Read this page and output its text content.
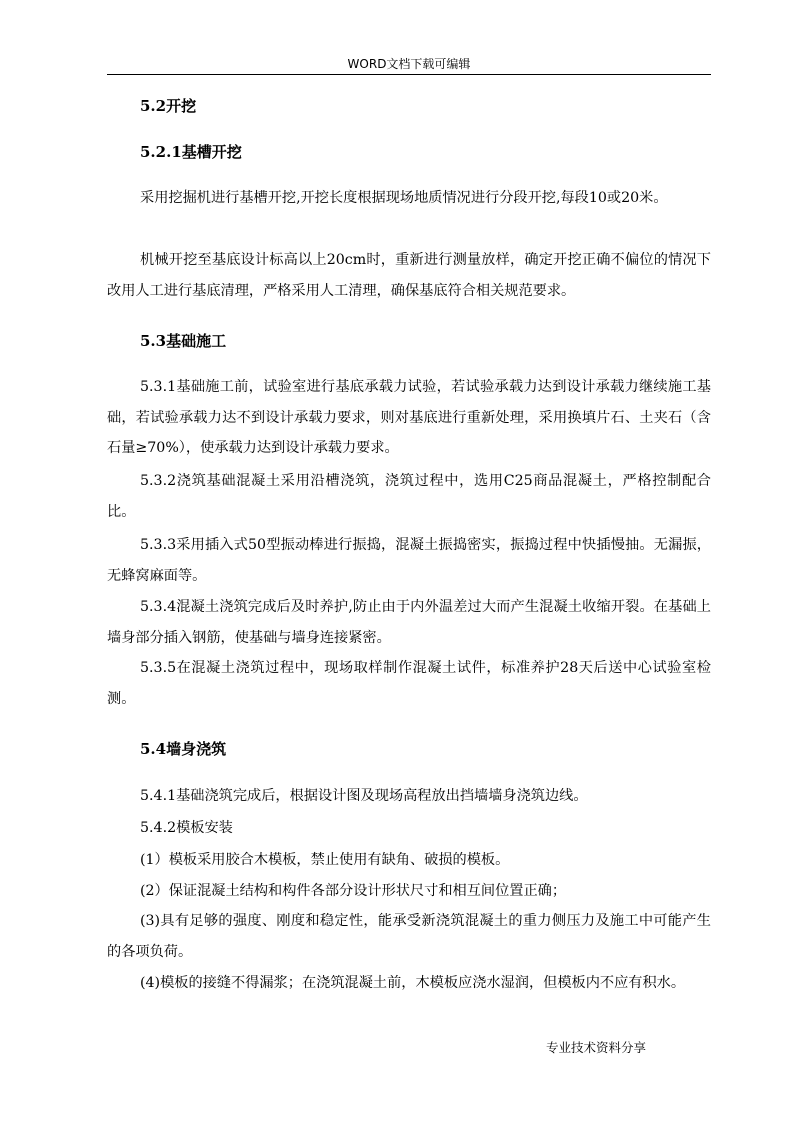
WORD文档下载可编辑
5.2开挖
5.2.1基槽开挖
采用挖掘机进行基槽开挖,开挖长度根据现场地质情况进行分段开挖,每段10或20米。
机械开挖至基底设计标高以上20cm时，重新进行测量放样，确定开挖正确不偏位的情况下改用人工进行基底清理，严格采用人工清理，确保基底符合相关规范要求。
5.3基础施工
5.3.1基础施工前，试验室进行基底承载力试验，若试验承载力达到设计承载力继续施工基础，若试验承载力达不到设计承载力要求，则对基底进行重新处理，采用换填片石、土夹石（含石量≥70%），使承载力达到设计承载力要求。
5.3.2浇筑基础混凝土采用沿槽浇筑，浇筑过程中，选用C25商品混凝土，严格控制配合比。
5.3.3采用插入式50型振动棒进行振捣，混凝土振捣密实，振捣过程中快插慢抽。无漏振，无蜂窝麻面等。
5.3.4混凝土浇筑完成后及时养护,防止由于内外温差过大而产生混凝土收缩开裂。在基础上墙身部分插入钢筋，使基础与墙身连接紧密。
5.3.5在混凝土浇筑过程中，现场取样制作混凝土试件，标准养护28天后送中心试验室检测。
5.4墙身浇筑
5.4.1基础浇筑完成后，根据设计图及现场高程放出挡墙墙身浇筑边线。
5.4.2模板安装
(1）模板采用胶合木模板，禁止使用有缺角、破损的模板。
(2）保证混凝土结构和构件各部分设计形状尺寸和相互间位置正确；
(3)具有足够的强度、刚度和稳定性，能承受新浇筑混凝土的重力侧压力及施工中可能产生的各项负荷。
(4)模板的接缝不得漏浆；在浇筑混凝土前，木模板应浇水湿润，但模板内不应有积水。
专业技术资料分享
